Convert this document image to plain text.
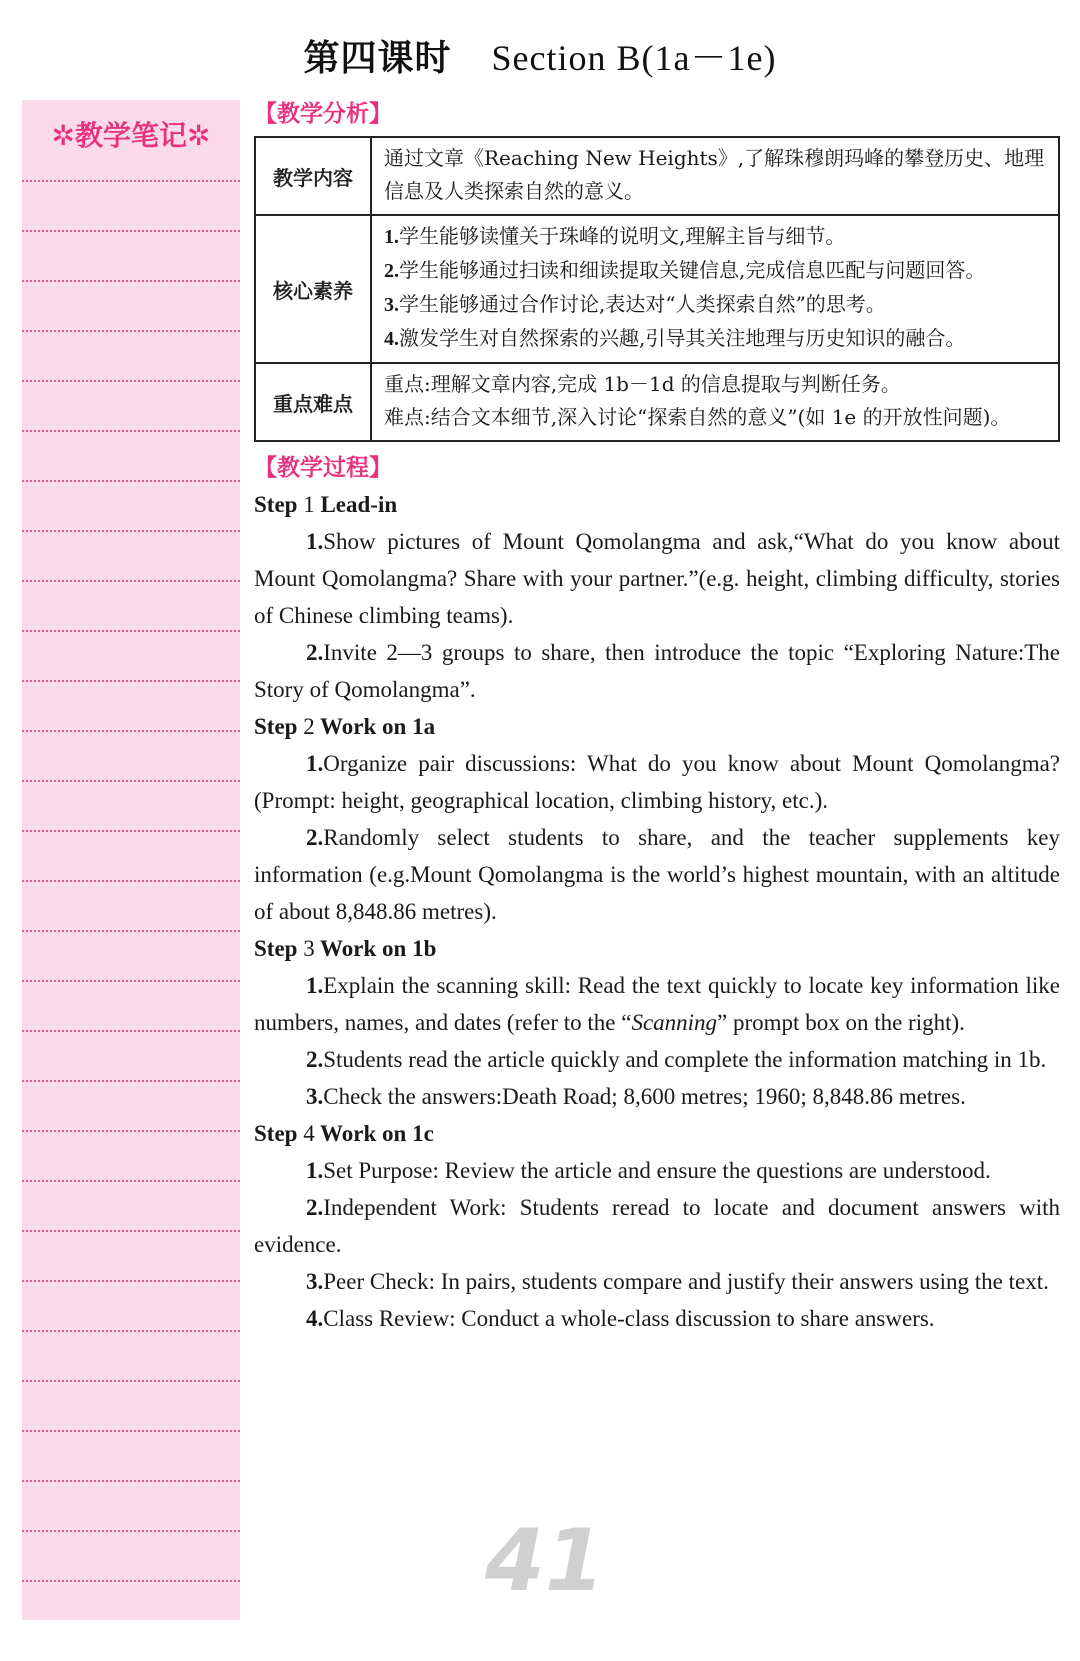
第四课时 Section B(1a－1e)
✲教学笔记✲
【教学分析】
教学内容	通过文章《Reaching New Heights》,了解珠穆朗玛峰的攀登历史、地理信息及人类探索自然的意义。
核心素养	1.学生能够读懂关于珠峰的说明文,理解主旨与细节。
2.学生能够通过扫读和细读提取关键信息,完成信息匹配与问题回答。
3.学生能够通过合作讨论,表达对“人类探索自然”的思考。
4.激发学生对自然探索的兴趣,引导其关注地理与历史知识的融合。

重点难点	重点:理解文章内容,完成 1b－1d 的信息提取与判断任务。
难点:结合文本细节,深入讨论“探索自然的意义”(如 1e 的开放性问题)。
【教学过程】
Step 1 Lead-in
1.Show pictures of Mount Qomolangma and ask,“What do you know about Mount Qomolangma? Share with your partner.”(e.g. height, climbing difficulty, stories of Chinese climbing teams).
2.Invite 2—3 groups to share, then introduce the topic “Exploring Nature:The Story of Qomolangma”.
Step 2 Work on 1a
1.Organize pair discussions: What do you know about Mount Qomolangma? (Prompt: height, geographical location, climbing history, etc.).
2.Randomly select students to share, and the teacher supplements key information (e.g.Mount Qomolangma is the world’s highest mountain, with an altitude of about 8,848.86 metres).
Step 3 Work on 1b
1.Explain the scanning skill: Read the text quickly to locate key information like numbers, names, and dates (refer to the “Scanning” prompt box on the right).
2.Students read the article quickly and complete the information matching in 1b.
3.Check the answers:Death Road; 8,600 metres; 1960; 8,848.86 metres.
Step 4 Work on 1c
1.Set Purpose: Review the article and ensure the questions are understood.
2.Independent Work: Students reread to locate and document answers with evidence.
3.Peer Check: In pairs, students compare and justify their answers using the text.
4.Class Review: Conduct a whole-class discussion to share answers.
41
